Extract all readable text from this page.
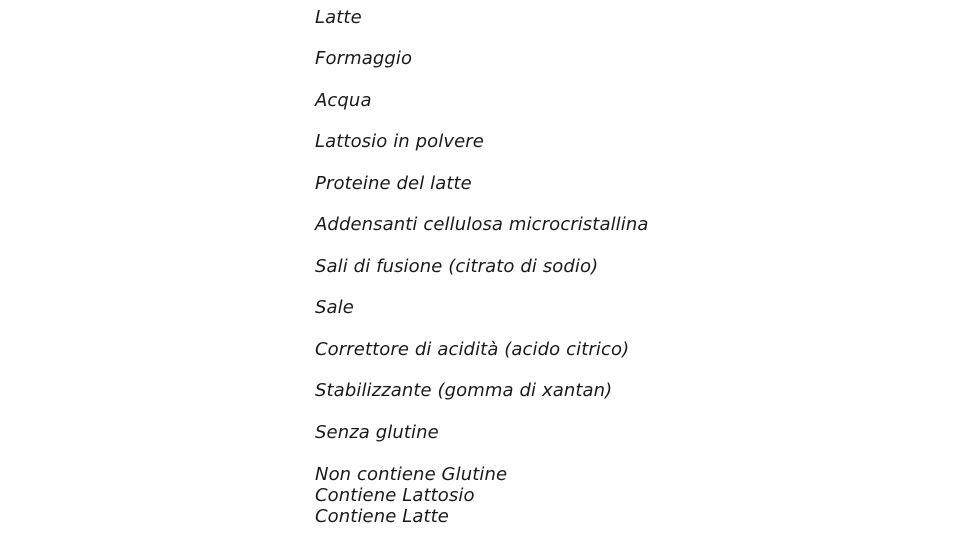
Latte
Formaggio
Acqua
Lattosio in polvere
Proteine del latte
Addensanti cellulosa microcristallina
Sali di fusione (citrato di sodio)
Sale
Correttore di acidità (acido citrico)
Stabilizzante (gomma di xantan)
Senza glutine
Non contiene Glutine
Contiene Lattosio
Contiene Latte
